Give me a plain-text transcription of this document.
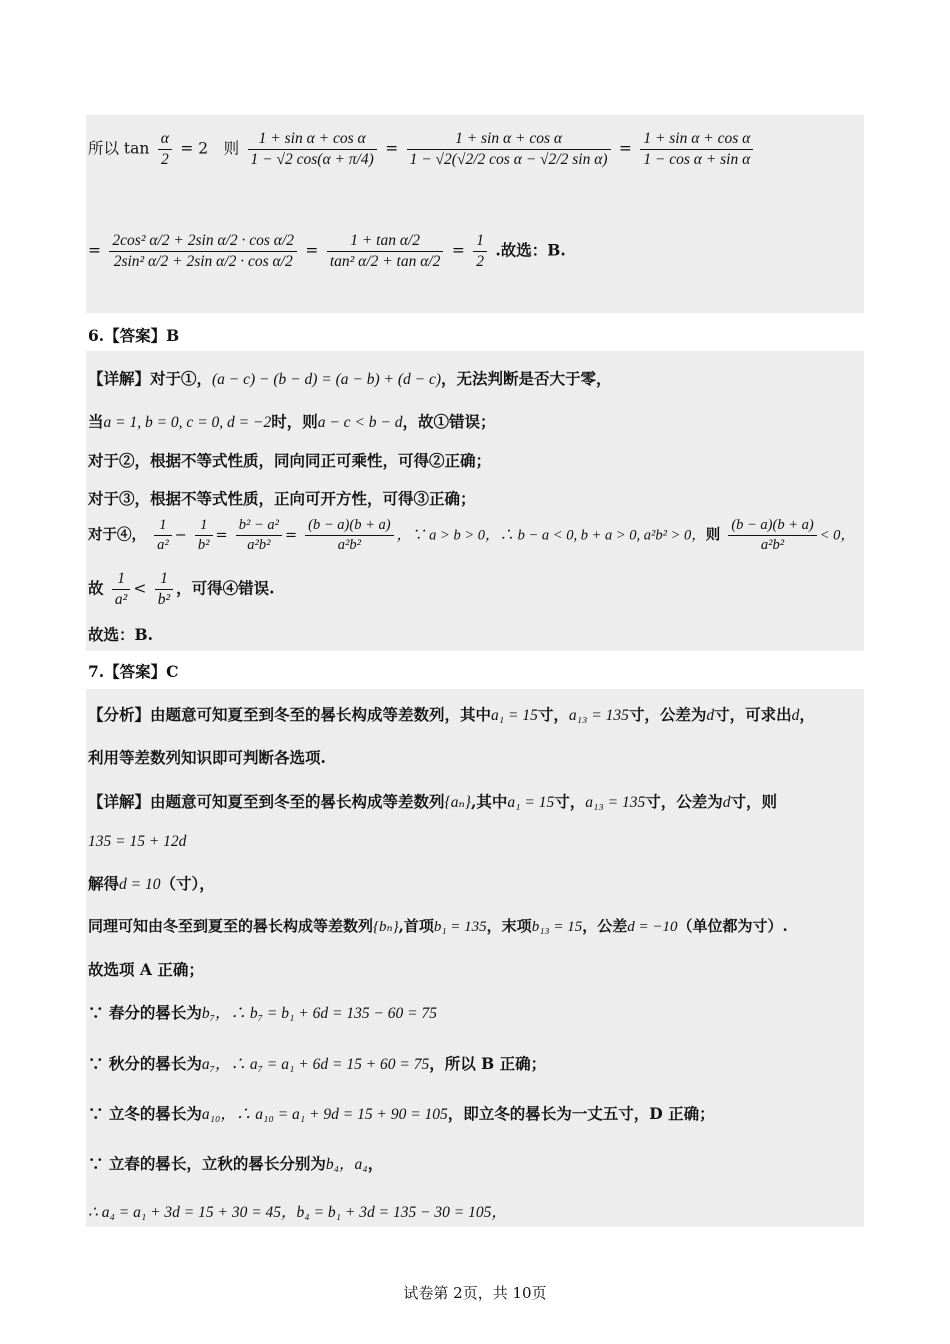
所以 $\tan \frac{\alpha}{2} = 2$　则 $\frac{\text{1 + sin α + cos α}}{1 - √2 \cos(\alpha + \pi/4)} = \frac{\text{1 + sin α + cos α}}{\text{1 − √2(√2/2 cos α − √2/2 sin α)}} = \frac{\text{1 + sin α + cos α}}{\text{1 − cos α + sin α}}$
= $\frac{\text{2cos² α/2 + 2sin α/2 · cos α/2}}{\text{2sin² α/2 + 2sin α/2 · cos α/2}} = \frac{\text{1 + tan α/2}}{\text{tan² α/2 + tan α/2}} = \frac{1}{2}$ .故选：B.
6.【答案】B
【详解】对于①，(a − c) − (b − d) = (a − b) + (d − c)，无法判断是否大于零，
当a = 1, b = 0, c = 0, d = −2时，则a − c < b − d，故①错误；
对于②，根据不等式性质，同向同正可乘性，可得②正确；
对于③，根据不等式性质，正向可开方性，可得③正确；
对于④， $\frac{1}{\text{a²}} - \frac{1}{\text{b²}} = \frac{\text{b² − a²}}{\text{a²b²}} = \frac{(b - a)(b + a)}{\text{a²b²}}$ ，∵ a > b > 0，∴ b − a < 0, b + a > 0, a²b² > 0，则 $\frac{(b - a)(b + a)}{\text{a²b²}} < 0$，
故 $\frac{1}{\text{a²}} < \frac{1}{\text{b²}}$ ，可得④错误.
故选：B.
7.【答案】C
【分析】由题意可知夏至到冬至的晷长构成等差数列，其中a₁ = 15寸，a₁₃ = 135寸，公差为d寸，可求出d，
利用等差数列知识即可判断各选项.
【详解】由题意可知夏至到冬至的晷长构成等差数列{aₙ},其中a₁ = 15寸，a₁₃ = 135寸，公差为d寸，则
135 = 15 + 12d
解得d = 10（寸），
同理可知由冬至到夏至的晷长构成等差数列{bₙ},首项b₁ = 135，末项b₁₃ = 15，公差d = −10（单位都为寸）.
故选项 A 正确；
∵ 春分的晷长为b₇，∴ b₇ = b₁ + 6d = 135 − 60 = 75
∵ 秋分的晷长为a₇，∴ a₇ = a₁ + 6d = 15 + 60 = 75，所以 B 正确；
∵ 立冬的晷长为a₁₀，∴ a₁₀ = a₁ + 9d = 15 + 90 = 105，即立冬的晷长为一丈五寸，D 正确；
∵ 立春的晷长，立秋的晷长分别为b₄，a₄，
∴ a₄ = a₁ + 3d = 15 + 30 = 45，b₄ = b₁ + 3d = 135 − 30 = 105，
试卷第 2页，共 10页
